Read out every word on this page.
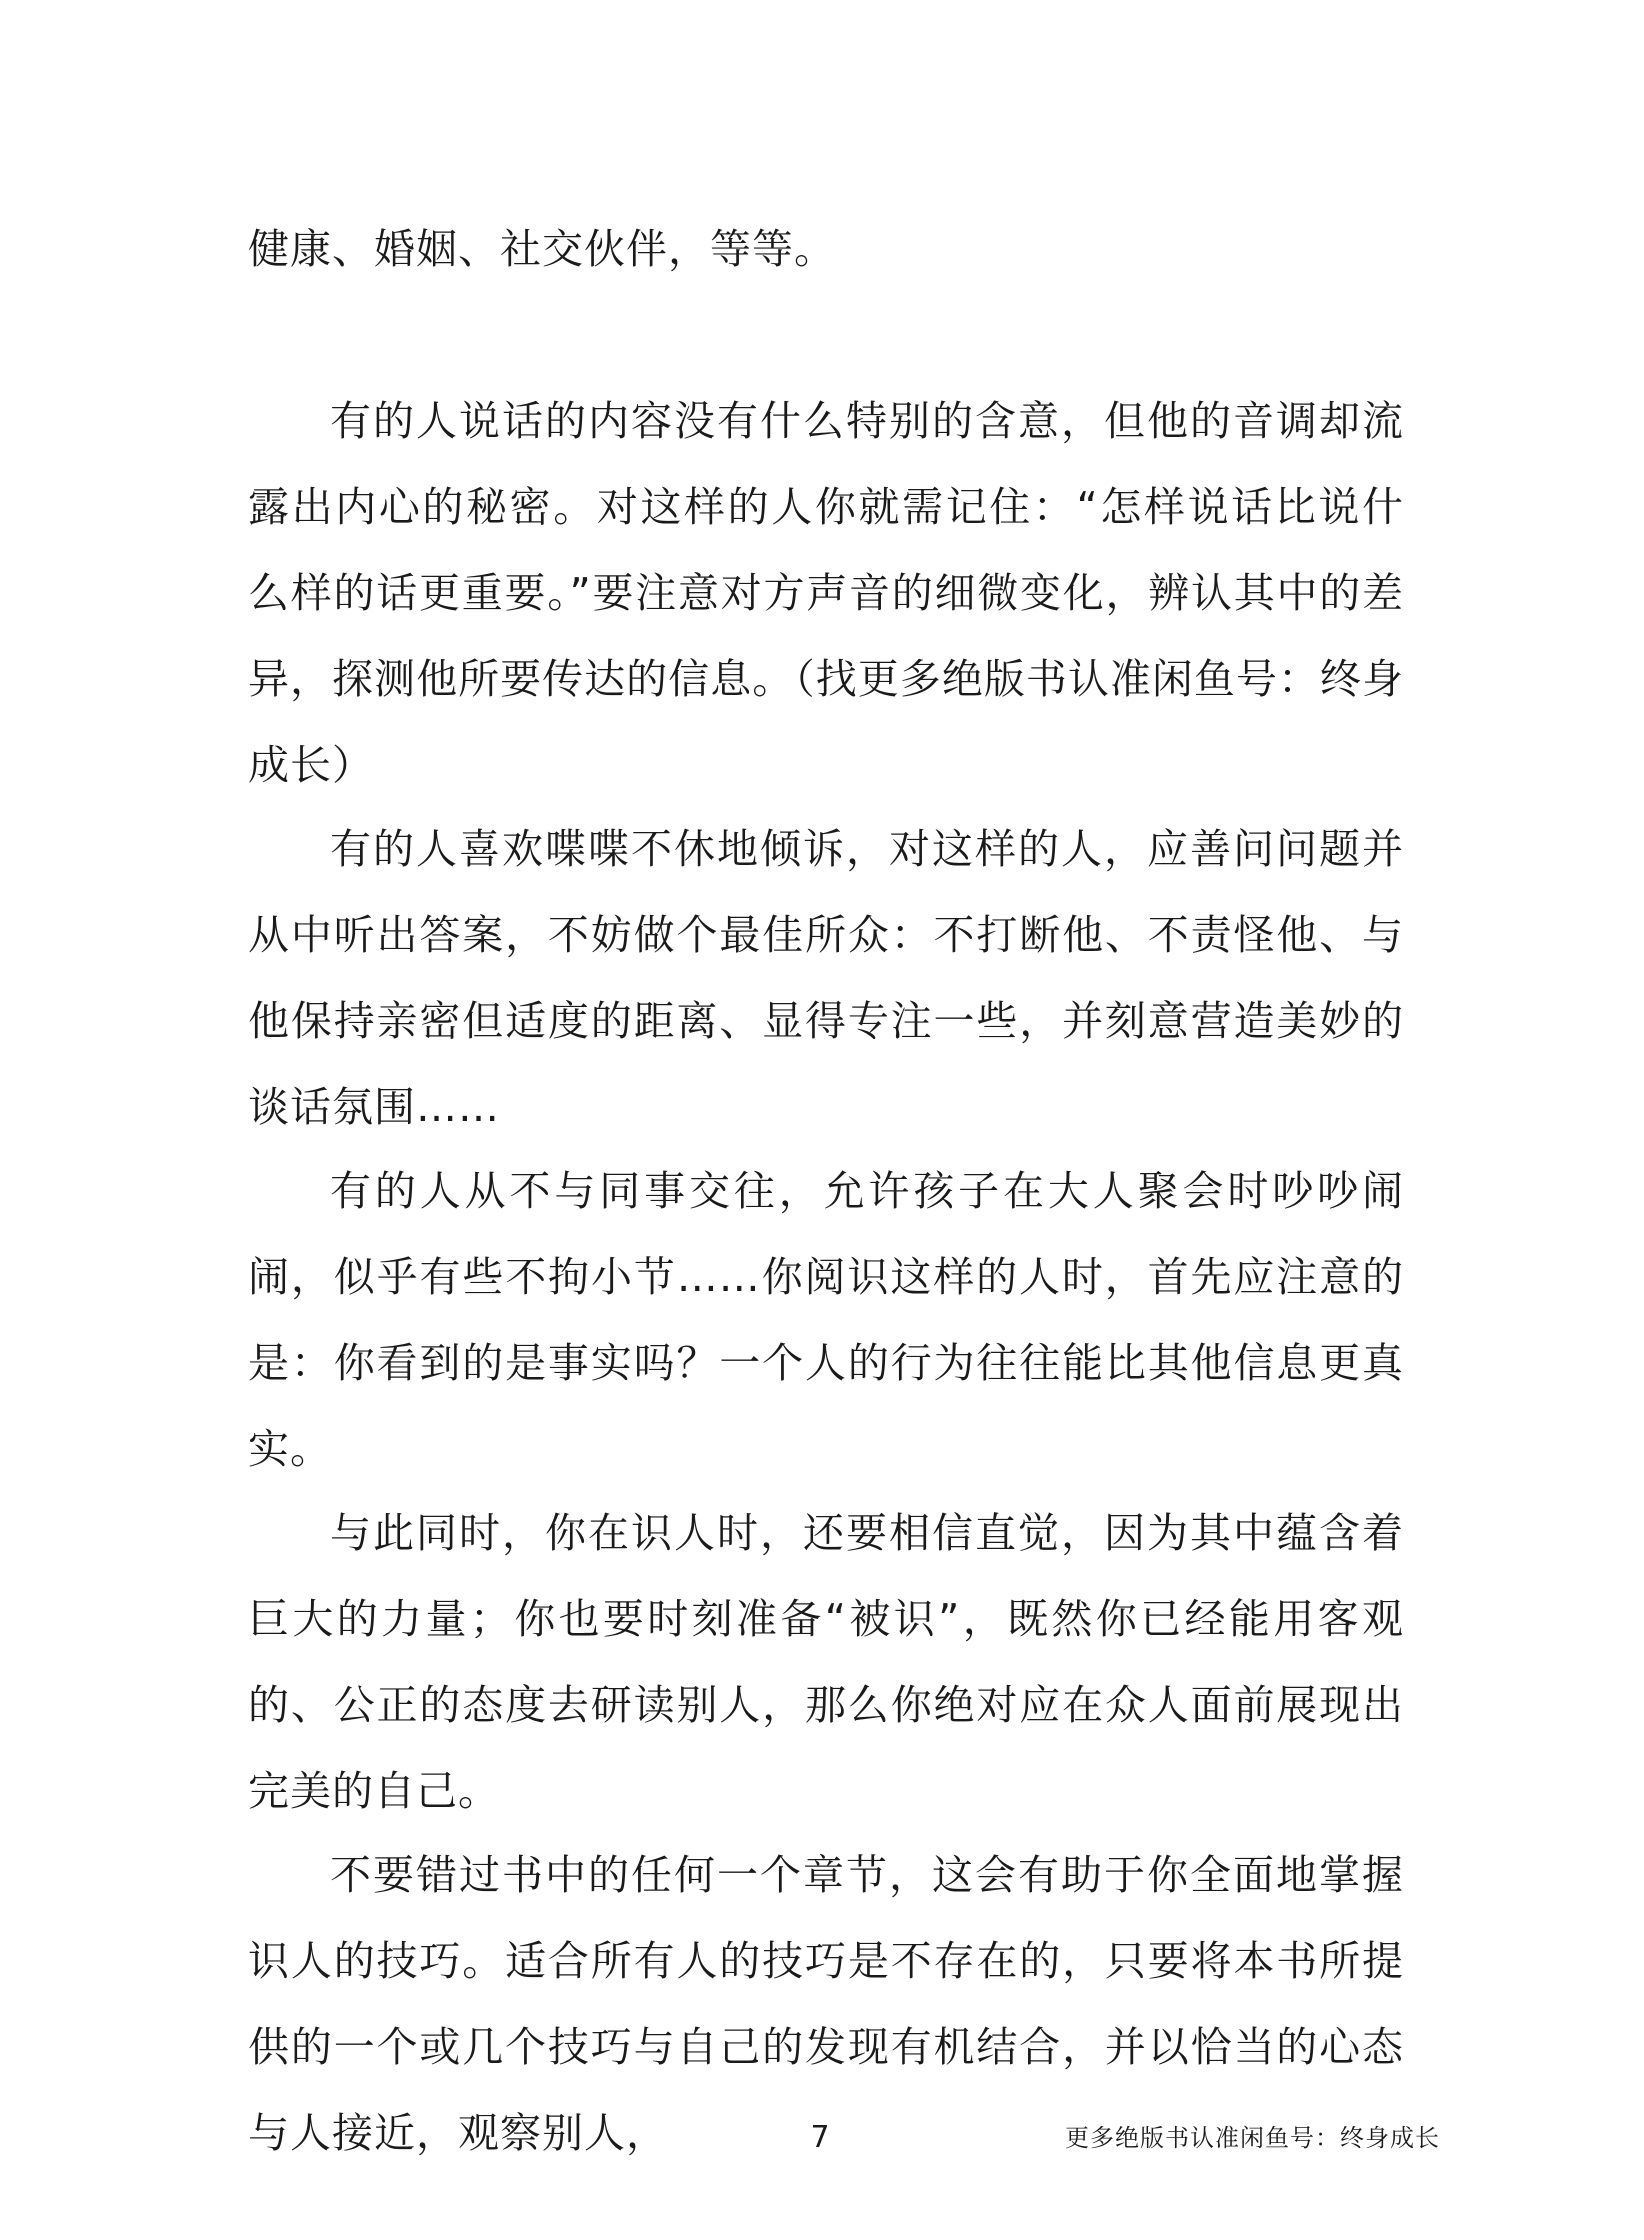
健康、婚姻、社交伙伴，等等。

有的人说话的内容没有什么特别的含意，但他的音调却流露出内心的秘密。对这样的人你就需记住：“怎样说话比说什么样的话更重要。”要注意对方声音的细微变化，辨认其中的差异，探测他所要传达的信息。（找更多绝版书认准闲鱼号：终身成长）

有的人喜欢喋喋不休地倾诉，对这样的人，应善问问题并从中听出答案，不妨做个最佳所众：不打断他、不责怪他、与他保持亲密但适度的距离、显得专注一些，并刻意营造美妙的谈话氛围……

有的人从不与同事交往，允许孩子在大人聚会时吵吵闹闹，似乎有些不拘小节……你阅识这样的人时，首先应注意的是：你看到的是事实吗？一个人的行为往往能比其他信息更真实。

与此同时，你在识人时，还要相信直觉，因为其中蕴含着巨大的力量；你也要时刻准备“被识”，既然你已经能用客观的、公正的态度去研读别人，那么你绝对应在众人面前展现出完美的自己。

不要错过书中的任何一个章节，这会有助于你全面地掌握识人的技巧。适合所有人的技巧是不存在的，只要将本书所提供的一个或几个技巧与自己的发现有机结合，并以恰当的心态与人接近，观察别人，	7	更多绝版书认准闲鱼号：终身成长
